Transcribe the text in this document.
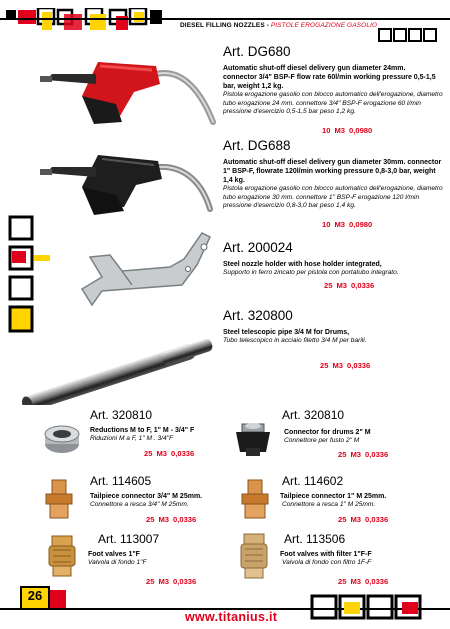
DIESEL FILLING NOZZLES - PISTOLE EROGAZIONE GASOLIO
Art. DG680
Automatic shut-off diesel delivery gun diameter 24mm. connector 3/4" BSP-F flow rate 60l/min working pressure 0,5-1,5 bar, weight 1,2 kg.
Pistola erogazione gasolio con blocco automatico dell'erogazione, diametro tubo erogazione 24 mm. connettore 3/4" BSP-F erogazione 60 l/min pressione d'esercizio 0,5-1,5 bar peso 1,2 kg.
10 M3 0,0980
Art. DG688
Automatic shut-off diesel delivery gun diameter 30mm. connector 1" BSP-F, flowrate 120l/min working pressure 0,8-3,0 bar, weight 1,4 kg.
Pistola erogazione gasolio con blocco automatico dell'erogazione, diametro tubo erogazione 30 mm. connettore 1" BSP-F erogazione 120 l/min pressione d'esercizio 0,8-3,0 bar peso 1,4 kg.
10 M3 0,0980
Art. 200024
Steel nozzle holder with hose holder integrated,
Supporto in ferro zincato per pistola con portatubo integrato.
25 M3 0,0336
Art. 320800
Steel telescopic pipe 3/4 M for Drums,
Tubo telescopico in acciaio filetto 3/4 M per barili.
25 M3 0,0336
Art. 320810
Reductions M to F, 1" M - 3/4" F
Riduzioni M a F, 1" M . 3/4"F
25 M3 0,0336
Art. 320810
Connector for drums 2" M
Connettore per fusto 2" M
25 M3 0,0336
Art. 114605
Tailpiece connector 3/4" M 25mm.
Connettore a resca 3/4" M 25mm.
25 M3 0,0336
Art. 114602
Tailpiece connector 1" M 25mm.
Connettore a resca 1" M 25mm.
25 M3 0,0336
Art. 113007
Foot valves 1"F
Valvola di fondo 1"F
25 M3 0,0336
Art. 113506
Foot valves with filter 1"F-F
Valvola di fondo con filtro 1F-F
25 M3 0,0336
26
www.titanius.it
